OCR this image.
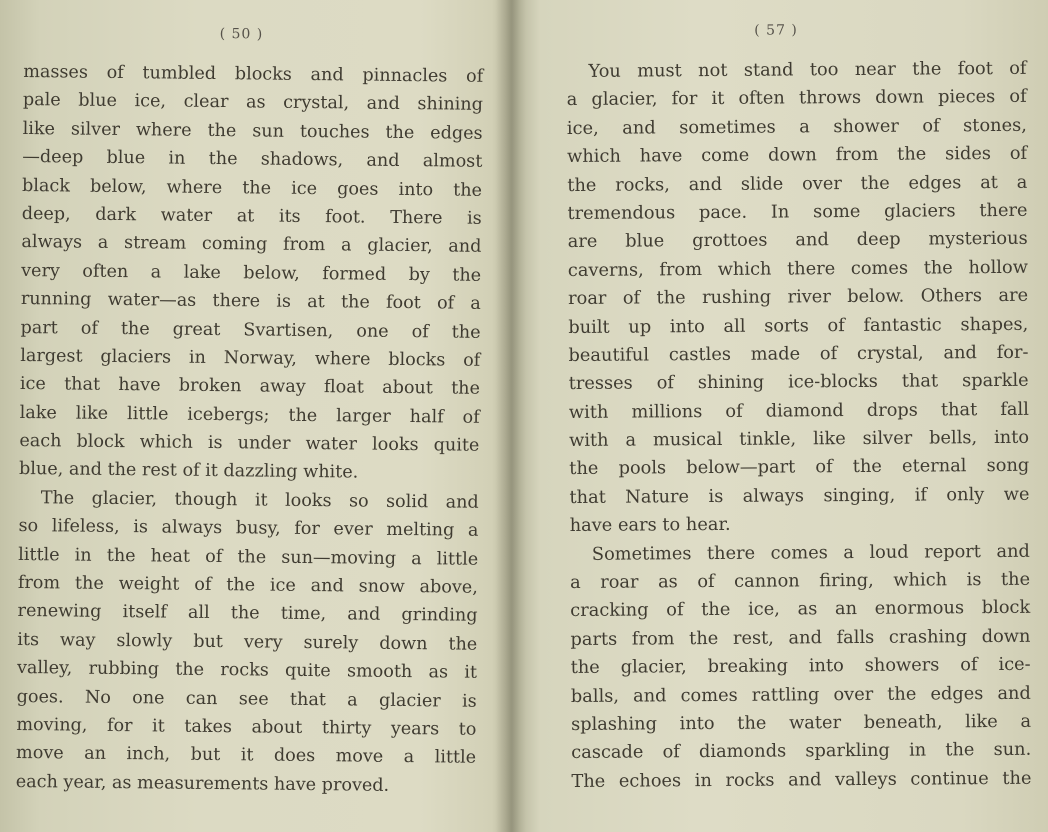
( 50 )
masses of tumbled blocks and pinnacles of
pale blue ice, clear as crystal, and shining
like silver where the sun touches the edges
—deep blue in the shadows, and almost
black below, where the ice goes into the
deep, dark water at its foot. There is
always a stream coming from a glacier, and
very often a lake below, formed by the
running water—as there is at the foot of a
part of the great Svartisen, one of the
largest glaciers in Norway, where blocks of
ice that have broken away float about the
lake like little icebergs; the larger half of
each block which is under water looks quite
blue, and the rest of it dazzling white.
The glacier, though it looks so solid and
so lifeless, is always busy, for ever melting a
little in the heat of the sun—moving a little
from the weight of the ice and snow above,
renewing itself all the time, and grinding
its way slowly but very surely down the
valley, rubbing the rocks quite smooth as it
goes. No one can see that a glacier is
moving, for it takes about thirty years to
move an inch, but it does move a little
each year, as measurements have proved.
( 57 )
You must not stand too near the foot of
a glacier, for it often throws down pieces of
ice, and sometimes a shower of stones,
which have come down from the sides of
the rocks, and slide over the edges at a
tremendous pace. In some glaciers there
are blue grottoes and deep mysterious
caverns, from which there comes the hollow
roar of the rushing river below. Others are
built up into all sorts of fantastic shapes,
beautiful castles made of crystal, and for-
tresses of shining ice-blocks that sparkle
with millions of diamond drops that fall
with a musical tinkle, like silver bells, into
the pools below—part of the eternal song
that Nature is always singing, if only we
have ears to hear.
Sometimes there comes a loud report and
a roar as of cannon firing, which is the
cracking of the ice, as an enormous block
parts from the rest, and falls crashing down
the glacier, breaking into showers of ice-
balls, and comes rattling over the edges and
splashing into the water beneath, like a
cascade of diamonds sparkling in the sun.
The echoes in rocks and valleys continue the
